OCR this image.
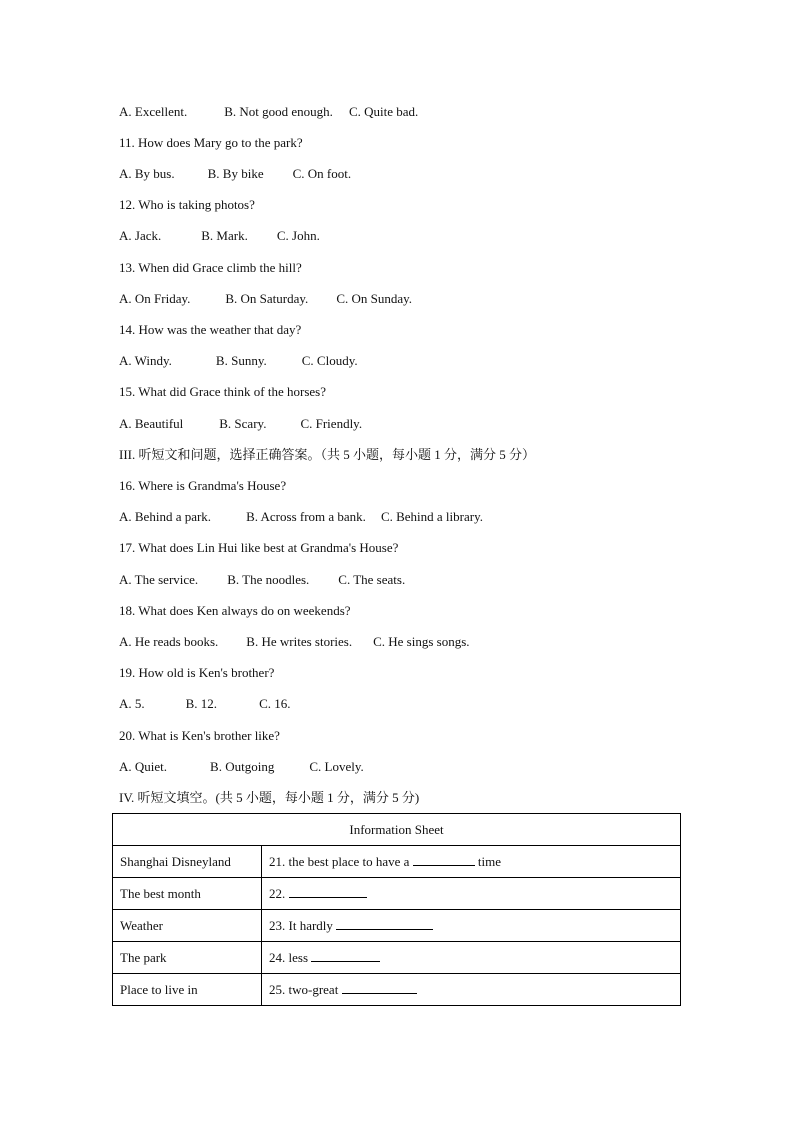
A. Excellent.	B. Not good enough. C. Quite bad.
11. How does Mary go to the park?
A. By bus.	B. By bike C. On foot.
12. Who is taking photos?
A. Jack.	B. Mark. C. John.
13. When did Grace climb the hill?
A. On Friday.	B. On Saturday. C. On Sunday.
14. How was the weather that day?
A. Windy.	B. Sunny.	C. Cloudy.
15. What did Grace think of the horses?
A. Beautiful	B. Scary.	C. Friendly.
III. 听短文和问题，选择正确答案。（共 5 小题，每小题 1 分，满分 5 分）
16. Where is Grandma's House?
A. Behind a park.	B. Across from a bank. C. Behind a library.
17. What does Lin Hui like best at Grandma's House?
A. The service. B. The noodles. C. The seats.
18. What does Ken always do on weekends?
A. He reads books. B. He writes stories. C. He sings songs.
19. How old is Ken's brother?
A. 5.	B. 12.	C. 16.
20. What is Ken's brother like?
A. Quiet.	B. Outgoing	C. Lovely.
IV. 听短文填空。(共 5 小题，每小题 1 分，满分 5 分)
Information Sheet	
Shanghai Disneyland	21. the best place to have a time
The best month	22.
Weather	23. It hardly
The park	24. less
Place to live in	25. two-great
